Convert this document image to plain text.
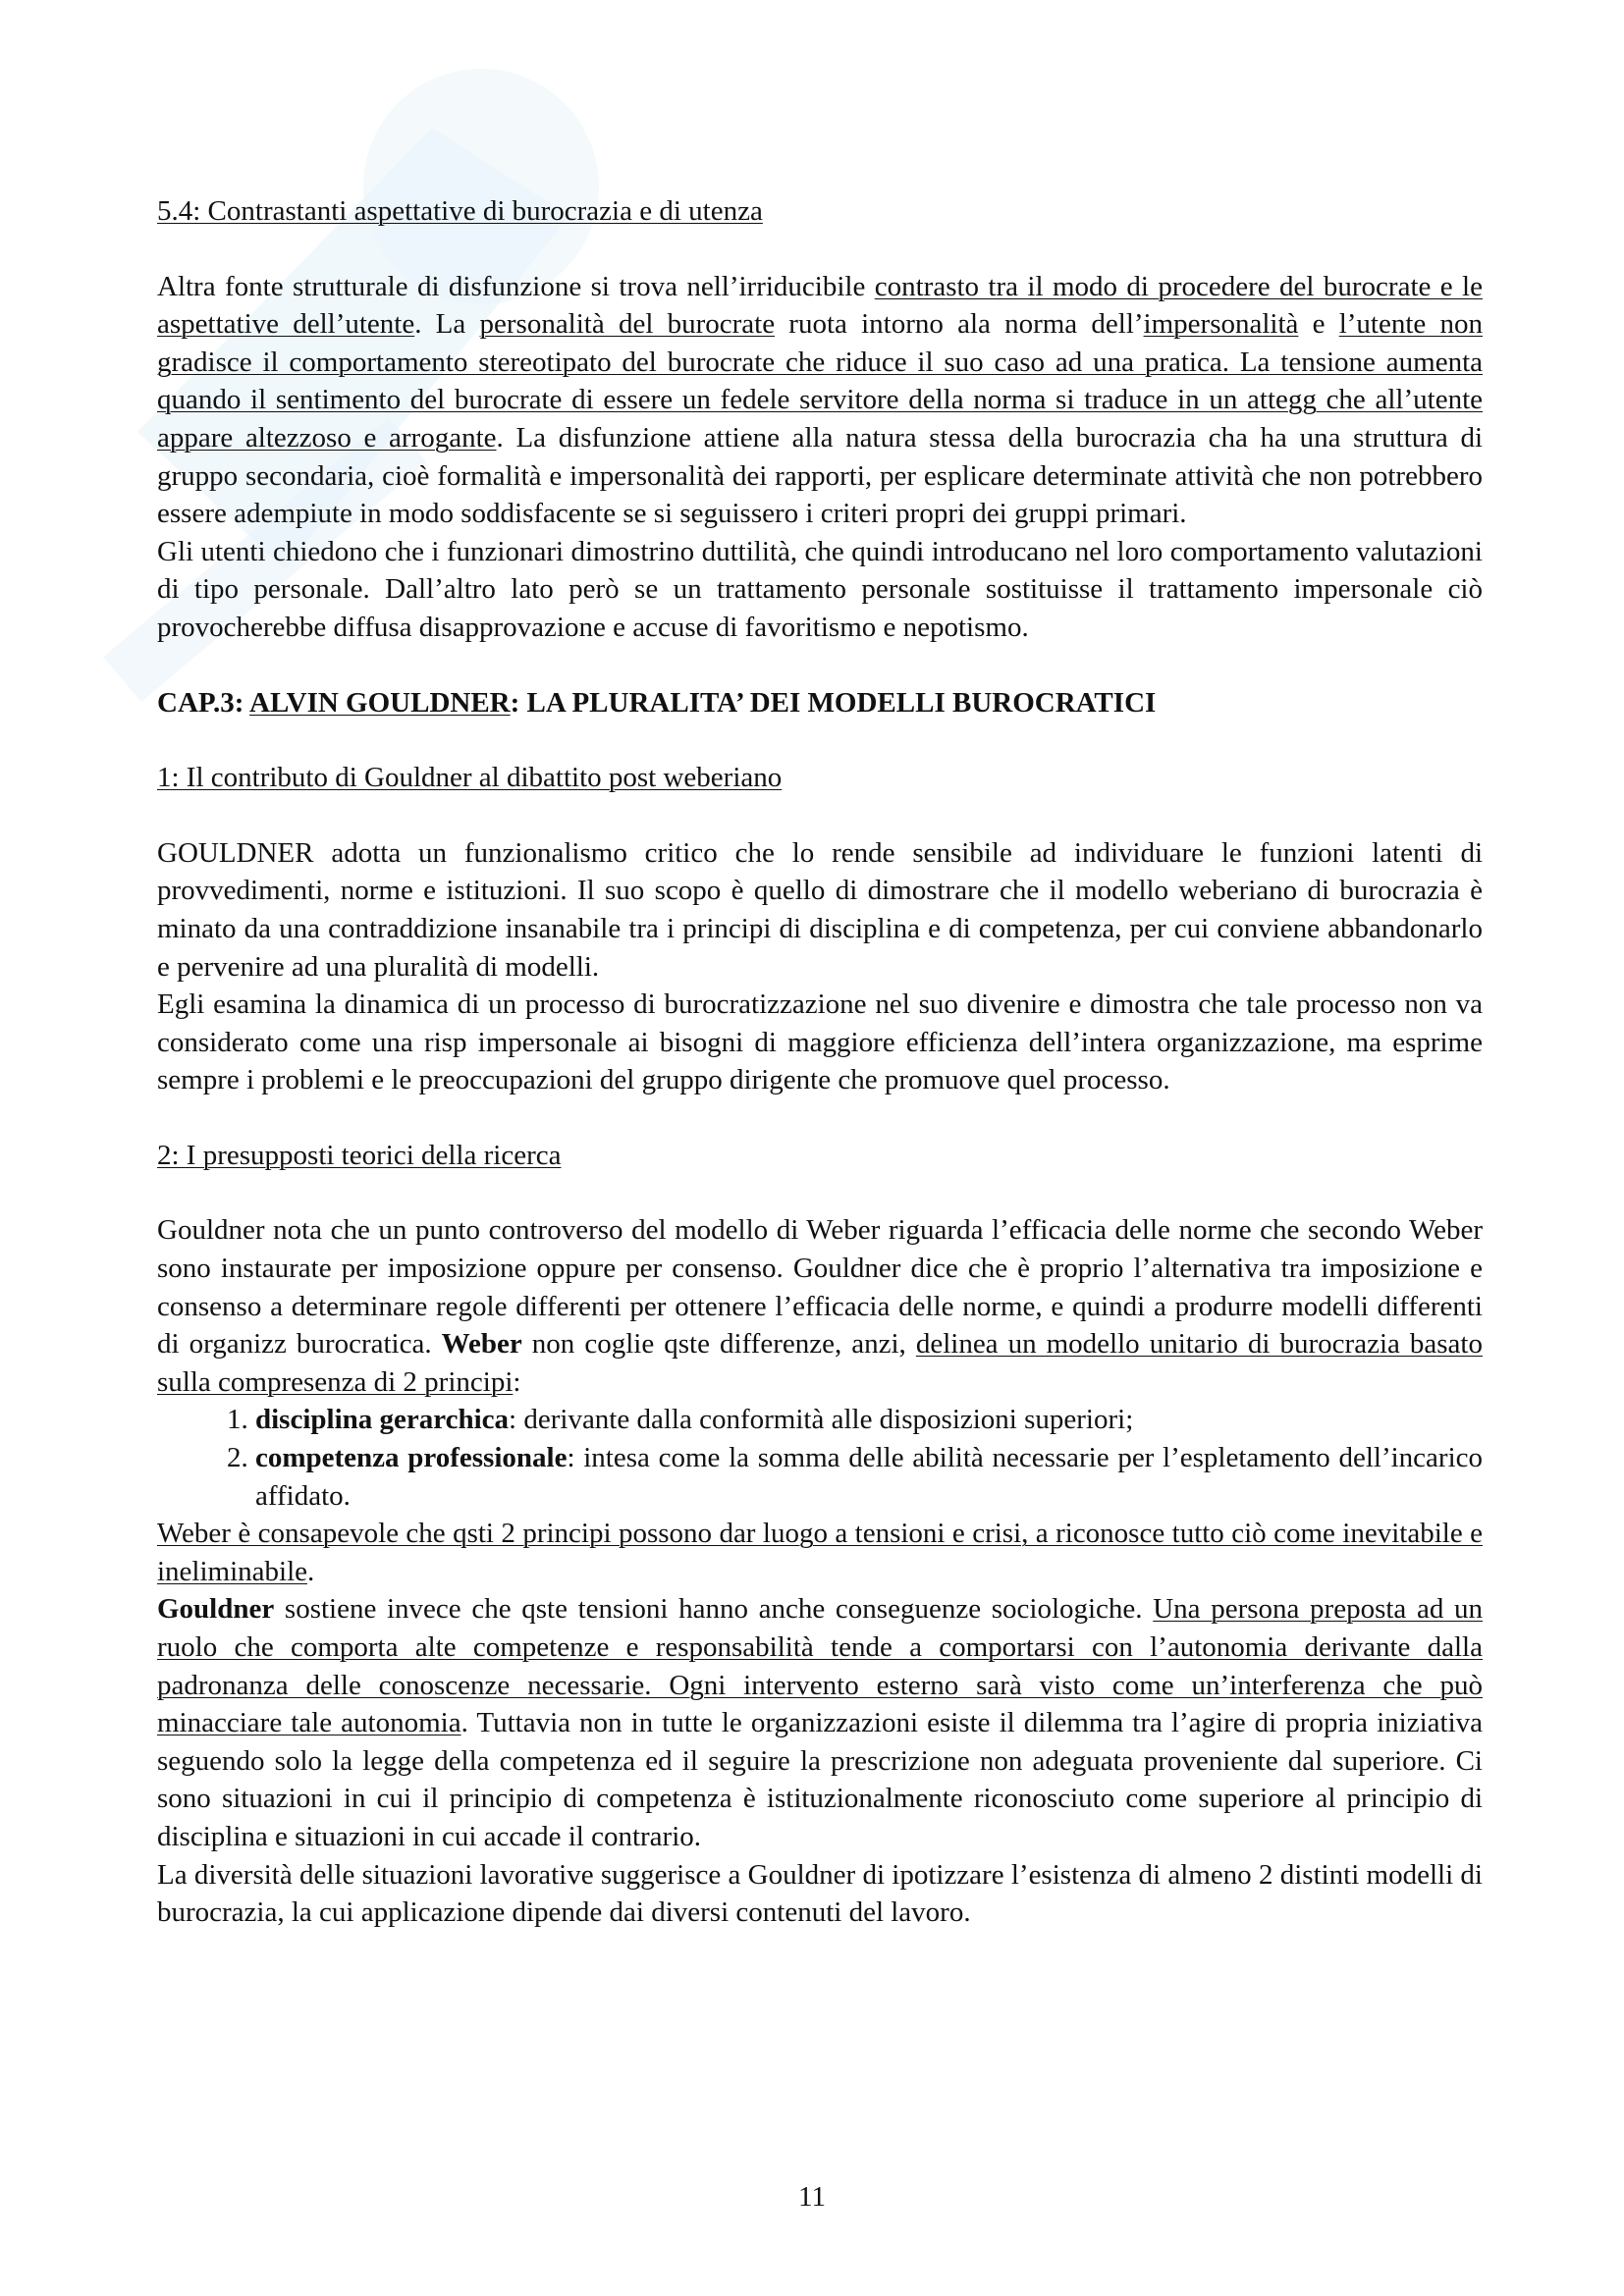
5.4: Contrastanti aspettative di burocrazia e di utenza

Altra fonte strutturale di disfunzione si trova nell’irriducibile contrasto tra il modo di procedere del burocrate e le aspettative dell’utente. La personalità del burocrate ruota intorno ala norma dell’impersonalità e l’utente non gradisce il comportamento stereotipato del burocrate che riduce il suo caso ad una pratica. La tensione aumenta quando il sentimento del burocrate di essere un fedele servitore della norma si traduce in un attegg che all’utente appare altezzoso e arrogante. La disfunzione attiene alla natura stessa della burocrazia cha ha una struttura di gruppo secondaria, cioè formalità e impersonalità dei rapporti, per esplicare determinate attività che non potrebbero essere adempiute in modo soddisfacente se si seguissero i criteri propri dei gruppi primari.

Gli utenti chiedono che i funzionari dimostrino duttilità, che quindi introducano nel loro comportamento valutazioni di tipo personale. Dall’altro lato però se un trattamento personale sostituisse il trattamento impersonale ciò provocherebbe diffusa disapprovazione e accuse di favoritismo e nepotismo.

CAP.3: ALVIN GOULDNER: LA PLURALITA’ DEI MODELLI BUROCRATICI
1: Il contributo di Gouldner al dibattito post weberiano

GOULDNER adotta un funzionalismo critico che lo rende sensibile ad individuare le funzioni latenti di provvedimenti, norme e istituzioni. Il suo scopo è quello di dimostrare che il modello weberiano di burocrazia è minato da una contraddizione insanabile tra i principi di disciplina e di competenza, per cui conviene abbandonarlo e pervenire ad una pluralità di modelli.

Egli esamina la dinamica di un processo di burocratizzazione nel suo divenire e dimostra che tale processo non va considerato come una risp impersonale ai bisogni di maggiore efficienza dell’intera organizzazione, ma esprime sempre i problemi e le preoccupazioni del gruppo dirigente che promuove quel processo.

2: I presupposti teorici della ricerca

Gouldner nota che un punto controverso del modello di Weber riguarda l’efficacia delle norme che secondo Weber sono instaurate per imposizione oppure per consenso. Gouldner dice che è proprio l’alternativa tra imposizione e consenso a determinare regole differenti per ottenere l’efficacia delle norme, e quindi a produrre modelli differenti di organizz burocratica. Weber non coglie qste differenze, anzi, delinea un modello unitario di burocrazia basato sulla compresenza di 2 principi:

1. disciplina gerarchica: derivante dalla conformità alle disposizioni superiori;
2. competenza professionale: intesa come la somma delle abilità necessarie per l’espletamento dell’incarico affidato.

Weber è consapevole che qsti 2 principi possono dar luogo a tensioni e crisi, a riconosce tutto ciò come inevitabile e ineliminabile.

Gouldner sostiene invece che qste tensioni hanno anche conseguenze sociologiche. Una persona preposta ad un ruolo che comporta alte competenze e responsabilità tende a comportarsi con l’autonomia derivante dalla padronanza delle conoscenze necessarie. Ogni intervento esterno sarà visto come un’interferenza che può minacciare tale autonomia. Tuttavia non in tutte le organizzazioni esiste il dilemma tra l’agire di propria iniziativa seguendo solo la legge della competenza ed il seguire la prescrizione non adeguata proveniente dal superiore. Ci sono situazioni in cui il principio di competenza è istituzionalmente riconosciuto come superiore al principio di disciplina e situazioni in cui accade il contrario.

La diversità delle situazioni lavorative suggerisce a Gouldner di ipotizzare l’esistenza di almeno 2 distinti modelli di burocrazia, la cui applicazione dipende dai diversi contenuti del lavoro.

11
